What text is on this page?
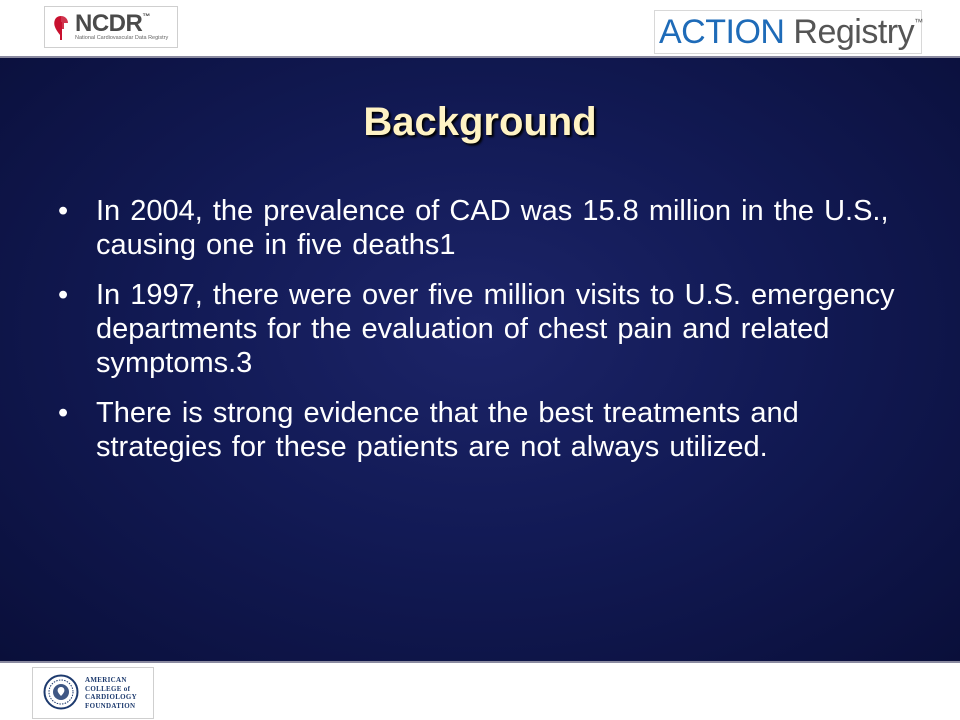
NCDR™
National Cardiovascular Data Registry	ACTION Registry™
Background
• In 2004, the prevalence of CAD was 15.8 million in the U.S., causing one in five deaths1
• In 1997, there were over five million visits to U.S. emergency departments for the evaluation of chest pain and related symptoms.3
• There is strong evidence that the best treatments and strategies for these patients are not always utilized.
AMERICAN
COLLEGE of
CARDIOLOGY
FOUNDATION
